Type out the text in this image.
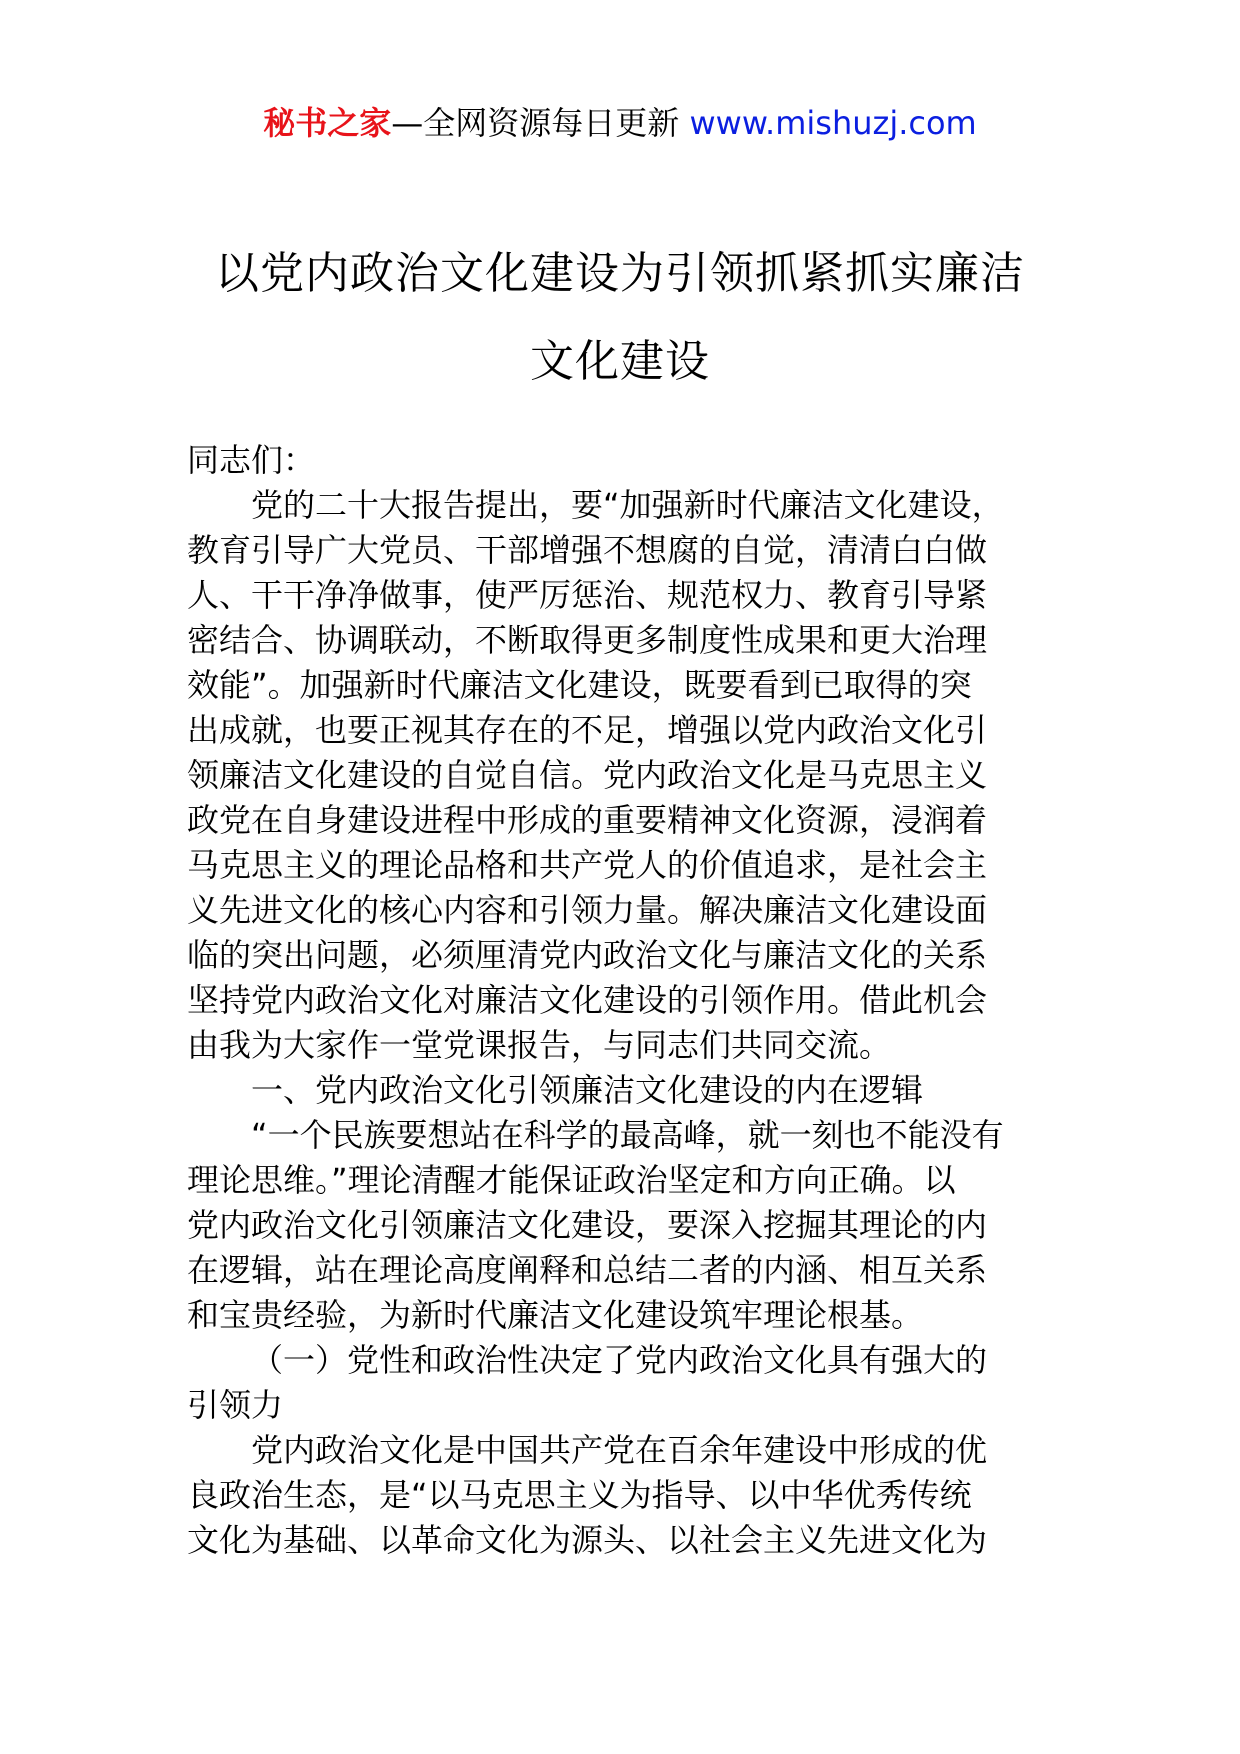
秘书之家—全网资源每日更新 www.mishuzj.com
以党内政治文化建设为引领抓紧抓实廉洁
文化建设

同志们：

党的二十大报告提出，要“加强新时代廉洁文化建设，
教育引导广大党员、干部增强不想腐的自觉，清清白白做
人、干干净净做事，使严厉惩治、规范权力、教育引导紧
密结合、协调联动，不断取得更多制度性成果和更大治理
效能”。加强新时代廉洁文化建设，既要看到已取得的突
出成就，也要正视其存在的不足，增强以党内政治文化引
领廉洁文化建设的自觉自信。党内政治文化是马克思主义
政党在自身建设进程中形成的重要精神文化资源，浸润着
马克思主义的理论品格和共产党人的价值追求，是社会主
义先进文化的核心内容和引领力量。解决廉洁文化建设面
临的突出问题，必须厘清党内政治文化与廉洁文化的关系
坚持党内政治文化对廉洁文化建设的引领作用。借此机会
由我为大家作一堂党课报告，与同志们共同交流。

一、党内政治文化引领廉洁文化建设的内在逻辑

“一个民族要想站在科学的最高峰，就一刻也不能没有
理论思维。”理论清醒才能保证政治坚定和方向正确。以
党内政治文化引领廉洁文化建设，要深入挖掘其理论的内
在逻辑，站在理论高度阐释和总结二者的内涵、相互关系
和宝贵经验，为新时代廉洁文化建设筑牢理论根基。

（一）党性和政治性决定了党内政治文化具有强大的
引领力

党内政治文化是中国共产党在百余年建设中形成的优
良政治生态，是“以马克思主义为指导、以中华优秀传统
文化为基础、以革命文化为源头、以社会主义先进文化为
